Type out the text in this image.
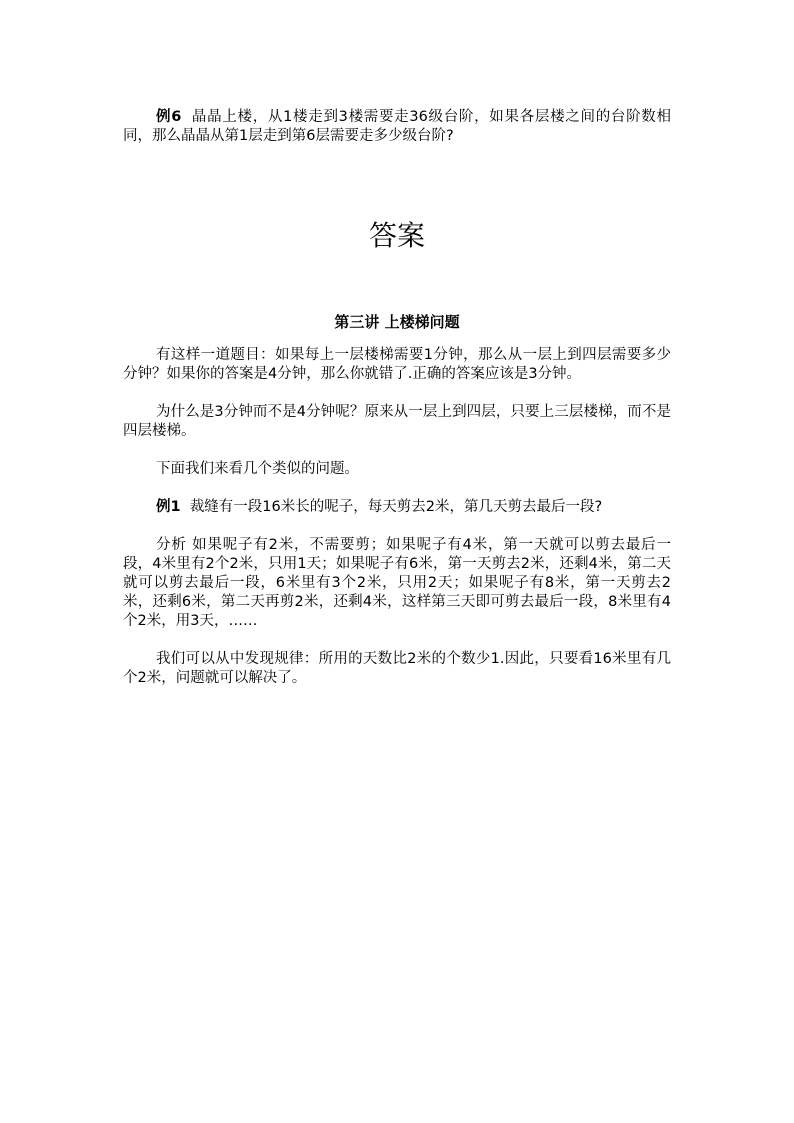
例6 晶晶上楼，从1楼走到3楼需要走36级台阶，如果各层楼之间的台阶数相同，那么晶晶从第1层走到第6层需要走多少级台阶?

答案
第三讲 上楼梯问题

有这样一道题目：如果每上一层楼梯需要1分钟，那么从一层上到四层需要多少分钟？如果你的答案是4分钟，那么你就错了.正确的答案应该是3分钟。

为什么是3分钟而不是4分钟呢？原来从一层上到四层，只要上三层楼梯，而不是四层楼梯。

下面我们来看几个类似的问题。

例1 裁缝有一段16米长的呢子，每天剪去2米，第几天剪去最后一段?

分析 如果呢子有2米，不需要剪；如果呢子有4米，第一天就可以剪去最后一段，4米里有2个2米，只用1天；如果呢子有6米，第一天剪去2米，还剩4米，第二天就可以剪去最后一段，6米里有3个2米，只用2天；如果呢子有8米，第一天剪去2米，还剩6米，第二天再剪2米，还剩4米，这样第三天即可剪去最后一段，8米里有4个2米，用3天，……

我们可以从中发现规律：所用的天数比2米的个数少1.因此，只要看16米里有几个2米，问题就可以解决了。
